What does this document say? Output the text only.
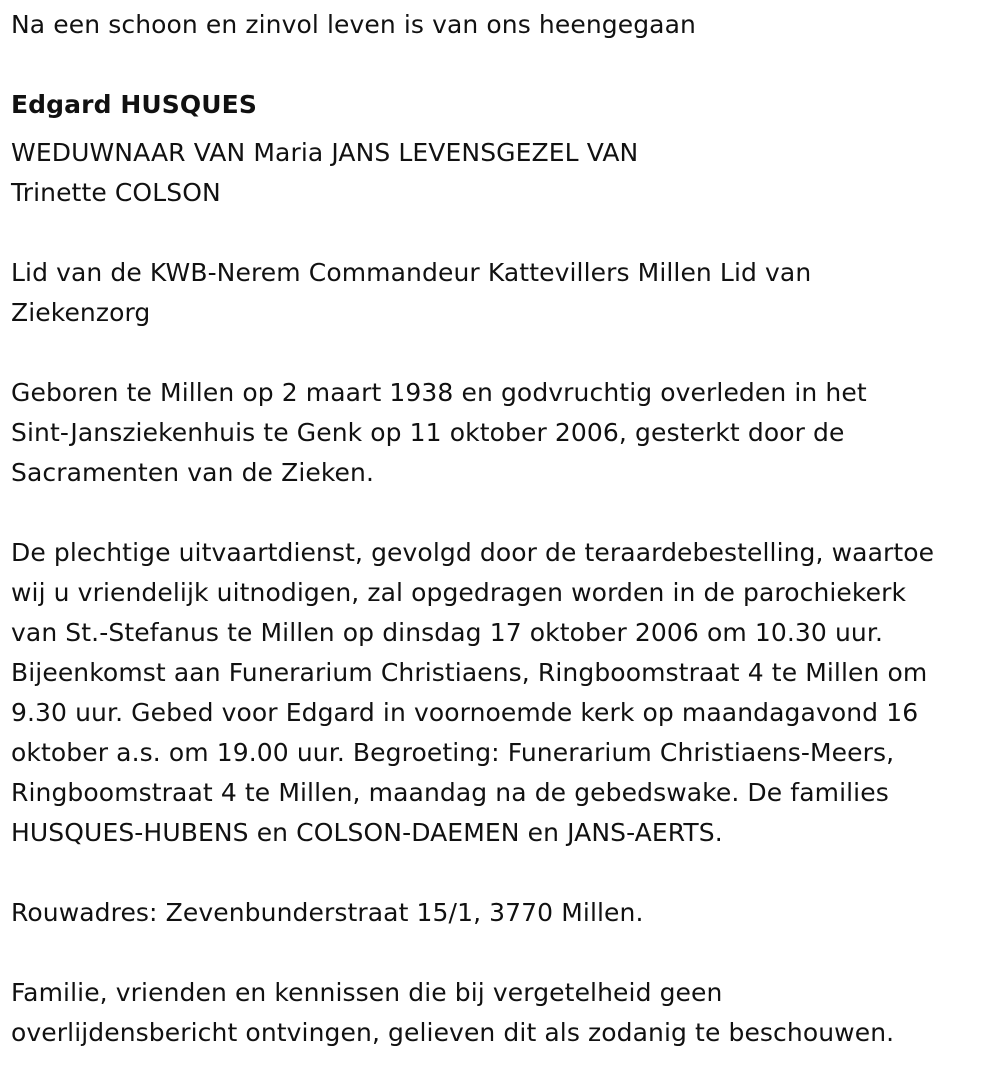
Na een schoon en zinvol leven is van ons heengegaan

Edgard HUSQUES

WEDUWNAAR VAN Maria JANS LEVENSGEZEL VAN

Trinette COLSON

Lid van de KWB-Nerem Commandeur Kattevillers Millen Lid van

Ziekenzorg

Geboren te Millen op 2 maart 1938 en godvruchtig overleden in het

Sint-Jansziekenhuis te Genk op 11 oktober 2006, gesterkt door de

Sacramenten van de Zieken.

De plechtige uitvaartdienst, gevolgd door de teraardebestelling, waartoe

wij u vriendelijk uitnodigen, zal opgedragen worden in de parochiekerk

van St.-Stefanus te Millen op dinsdag 17 oktober 2006 om 10.30 uur.

Bijeenkomst aan Funerarium Christiaens, Ringboomstraat 4 te Millen om

9.30 uur. Gebed voor Edgard in voornoemde kerk op maandagavond 16

oktober a.s. om 19.00 uur. Begroeting: Funerarium Christiaens-Meers,

Ringboomstraat 4 te Millen, maandag na de gebedswake. De families

HUSQUES-HUBENS en COLSON-DAEMEN en JANS-AERTS.

Rouwadres: Zevenbunderstraat 15/1, 3770 Millen.

Familie, vrienden en kennissen die bij vergetelheid geen

overlijdensbericht ontvingen, gelieven dit als zodanig te beschouwen.
